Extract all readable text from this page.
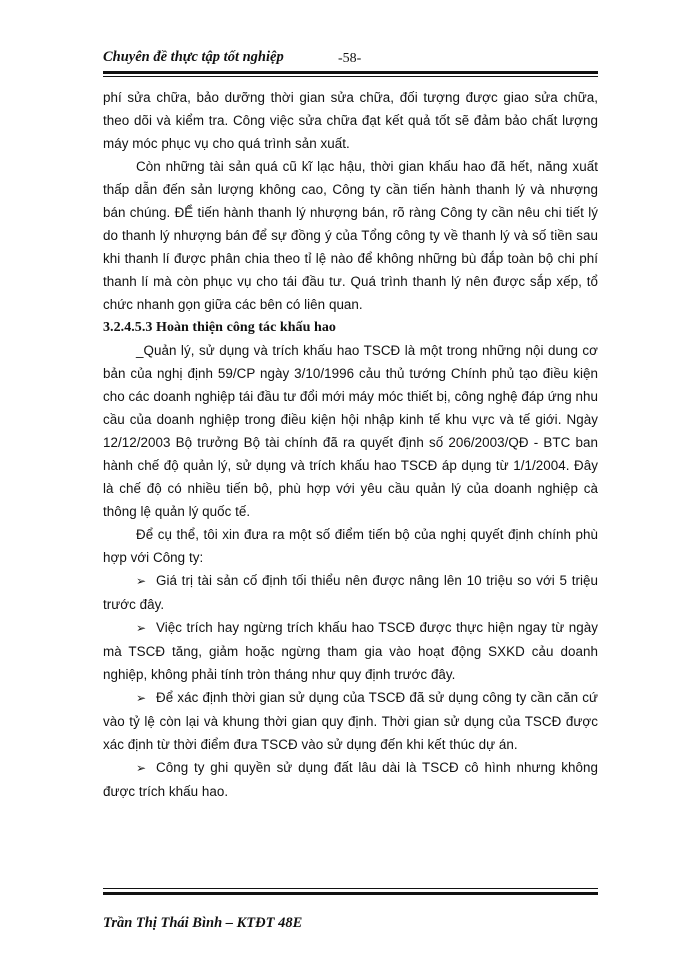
Chuyên đề thực tập tốt nghiệp	-58-

phí sửa chữa, bảo dưỡng thời gian sửa chữa, đối tượng được giao sửa chữa, theo dõi và kiểm tra. Công việc sửa chữa đạt kết quả tốt sẽ đảm bảo chất lượng máy móc phục vụ cho quá trình sản xuất.

Còn những tài sản quá cũ kĩ lạc hậu, thời gian khấu hao đã hết, năng xuất thấp dẫn đến sản lượng không cao, Công ty cần tiến hành thanh lý và nhượng bán chúng. ĐỂ tiến hành thanh lý nhượng bán, rõ ràng Công ty cần nêu chi tiết lý do thanh lý nhượng bán để sự đồng ý của Tổng công ty về thanh lý và số tiền sau khi thanh lí được phân chia theo tỉ lệ nào để không những bù đắp toàn bộ chi phí thanh lí mà còn phục vụ cho tái đầu tư. Quá trình thanh lý nên được sắp xếp, tổ chức nhanh gọn giữa các bên có liên quan.

3.2.4.5.3 Hoàn thiện công tác khấu hao

_Quản lý, sử dụng và trích khấu hao TSCĐ là một trong những nội dung cơ bản của nghị định 59/CP ngày 3/10/1996 cảu thủ tướng Chính phủ tạo điều kiện cho các doanh nghiệp tái đầu tư đổi mới máy móc thiết bị, công nghệ đáp ứng nhu cầu của doanh nghiệp trong điều kiện hội nhập kinh tế khu vực và tế giới. Ngày 12/12/2003 Bộ trưởng Bộ tài chính đã ra quyết định số 206/2003/QĐ - BTC ban hành chế độ quản lý, sử dụng và trích khấu hao TSCĐ áp dụng từ 1/1/2004. Đây là chế độ có nhiều tiến bộ, phù hợp với yêu cầu quản lý của doanh nghiệp cà thông lệ quản lý quốc tế.

Để cụ thể, tôi xin đưa ra một số điểm tiến bộ của nghị quyết định chính phù hợp với Công ty:

➢ Giá trị tài sản cố định tối thiểu nên được nâng lên 10 triệu so với 5 triệu trước đây.

➢ Việc trích hay ngừng trích khấu hao TSCĐ được thực hiện ngay từ ngày mà TSCĐ tăng, giảm hoặc ngừng tham gia vào hoạt động SXKD cảu doanh nghiệp, không phải tính tròn tháng như quy định trước đây.

➢ Để xác định thời gian sử dụng của TSCĐ đã sử dụng công ty cần căn cứ vào tỷ lệ còn lại và khung thời gian quy định. Thời gian sử dụng của TSCĐ được xác định từ thời điểm đưa TSCĐ vào sử dụng đến khi kết thúc dự án.

➢ Công ty ghi quyền sử dụng đất lâu dài là TSCĐ cô hình nhưng không được trích khấu hao.

Trần Thị Thái Bình – KTĐT 48E
